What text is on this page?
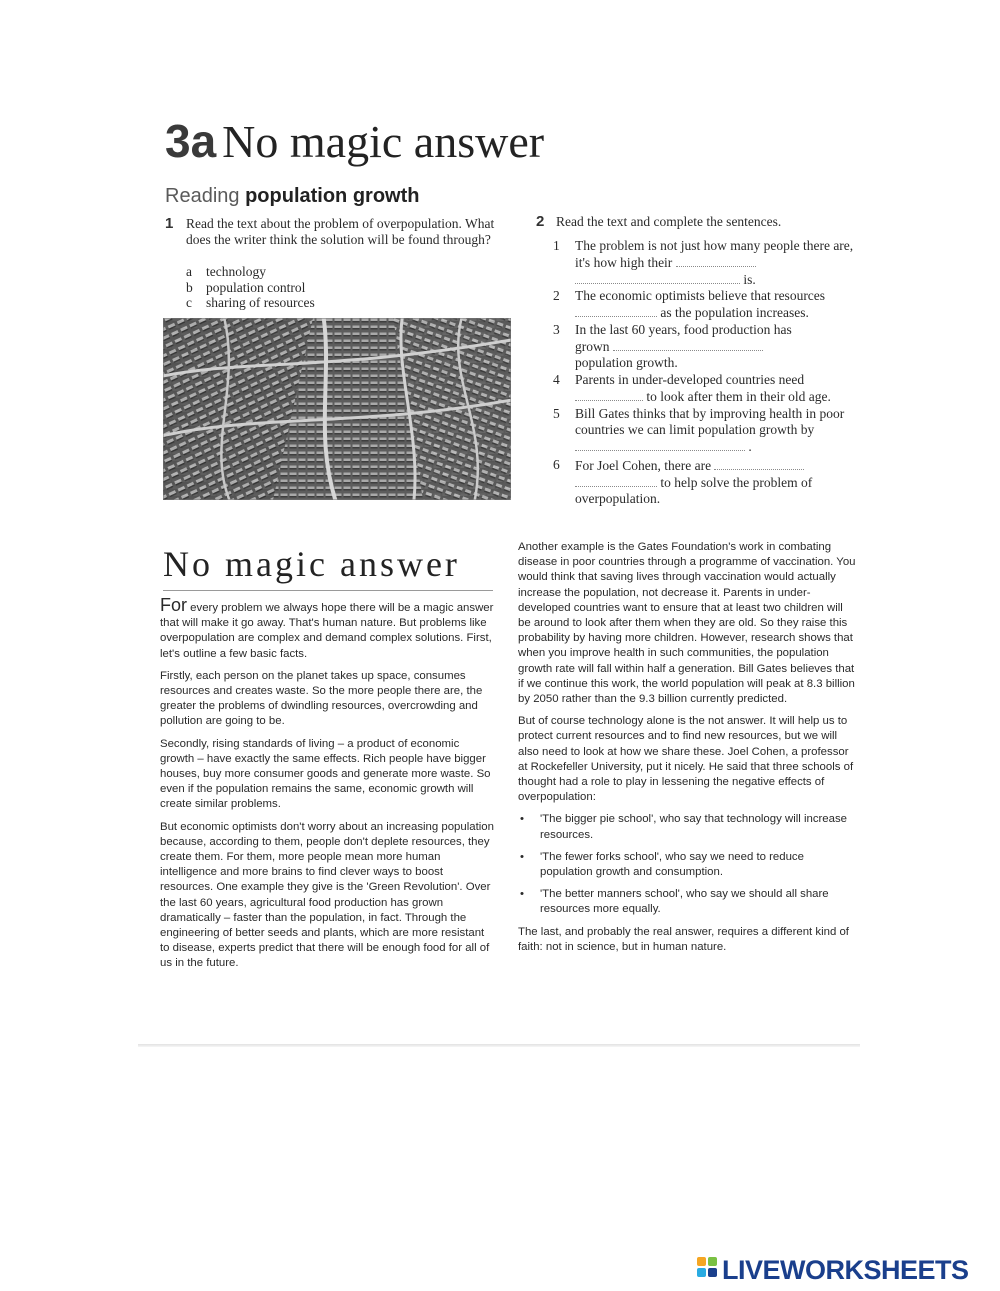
3a No magic answer
Reading population growth
1 Read the text about the problem of overpopulation. What does the writer think the solution will be found through?
a technology
b population control
c sharing of resources
2 Read the text and complete the sentences.
1 The problem is not just how many people there are, it's how high their
is.
2 The economic optimists believe that resources
as the population increases.
3 In the last 60 years, food production has grown
population growth.
4 Parents in under-developed countries need
to look after them in their old age.
5 Bill Gates thinks that by improving health in poor countries we can limit population growth by  .
6 For Joel Cohen, there are
to help solve the problem of overpopulation.
No magic answer

For every problem we always hope there will be a magic answer that will make it go away. That's human nature. But problems like overpopulation are complex and demand complex solutions. First, let's outline a few basic facts.

Firstly, each person on the planet takes up space, consumes resources and creates waste. So the more people there are, the greater the problems of dwindling resources, overcrowding and pollution are going to be.

Secondly, rising standards of living – a product of economic growth – have exactly the same effects. Rich people have bigger houses, buy more consumer goods and generate more waste. So even if the population remains the same, economic growth will create similar problems.

But economic optimists don't worry about an increasing population because, according to them, people don't deplete resources, they create them. For them, more people mean more human intelligence and more brains to find clever ways to boost resources. One example they give is the 'Green Revolution'. Over the last 60 years, agricultural food production has grown dramatically – faster than the population, in fact. Through the engineering of better seeds and plants, which are more resistant to disease, experts predict that there will be enough food for all of us in the future.

Another example is the Gates Foundation's work in combating disease in poor countries through a programme of vaccination. You would think that saving lives through vaccination would actually increase the population, not decrease it. Parents in under-developed countries want to ensure that at least two children will be around to look after them when they are old. So they raise this probability by having more children. However, research shows that when you improve health in such communities, the population growth rate will fall within half a generation. Bill Gates believes that if we continue this work, the world population will peak at 8.3 billion by 2050 rather than the 9.3 billion currently predicted.

But of course technology alone is the not answer. It will help us to protect current resources and to find new resources, but we will also need to look at how we share these. Joel Cohen, a professor at Rockefeller University, put it nicely. He said that three schools of thought had a role to play in lessening the negative effects of overpopulation:

• 'The bigger pie school', who say that technology will increase resources.
• 'The fewer forks school', who say we need to reduce population growth and consumption.
• 'The better manners school', who say we should all share resources more equally.

The last, and probably the real answer, requires a different kind of faith: not in science, but in human nature.

LIVEWORKSHEETS
